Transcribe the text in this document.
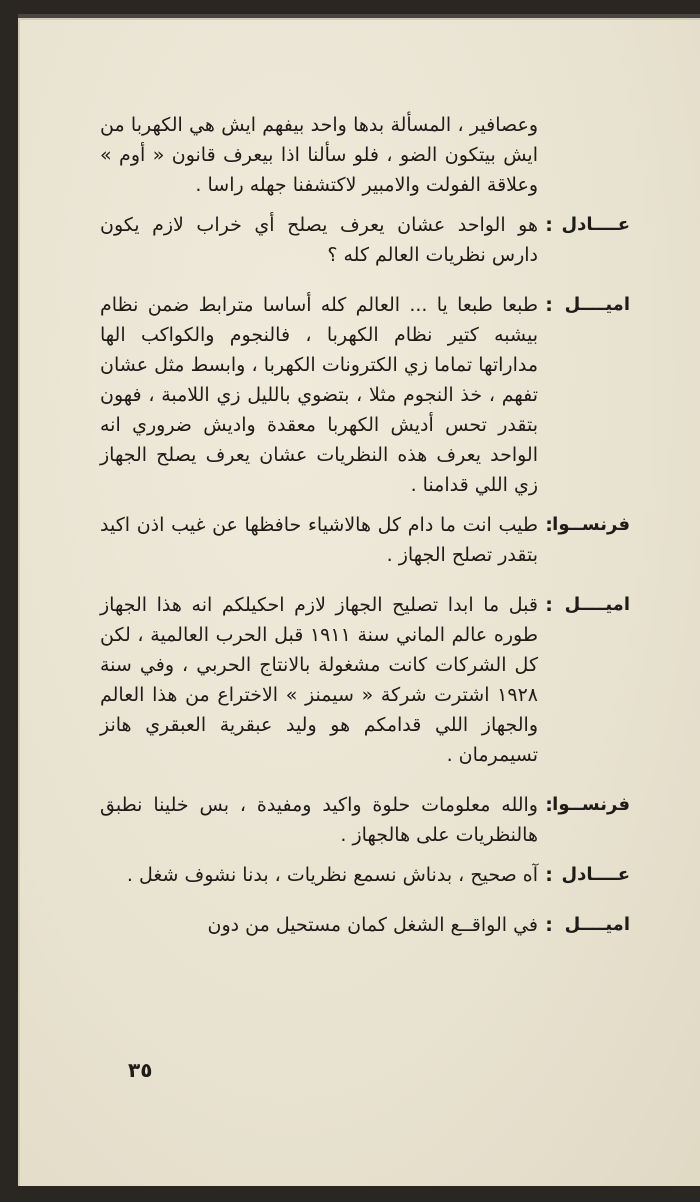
وعصافير ، المسألة بدها واحد بيفهم ايش هي الكهربا من ايش بيتكون الضو ، فلو سألنا اذا بيعرف قانون « أوم » وعلاقة الفولت والامبير لاكتشفنا جهله راسا .
عــــادل
:
هو الواحد عشان يعرف يصلح أي خراب لازم يكون دارس نظريات العالم كله ؟
اميــــل
:
طبعا طبعا يا ... العالم كله أساسا مترابط ضمن نظام بيشبه كتير نظام الكهربا ، فالنجوم والكواكب الها مداراتها تماما زي الكترونات الكهربا ، وابسط مثل عشان تفهم ، خذ النجوم مثلا ، بتضوي بالليل زي اللامبة ، فهون بتقدر تحس أديش الكهربا معقدة واديش ضروري انه الواحد يعرف هذه النظريات عشان يعرف يصلح الجهاز زي اللي قدامنا .
فرنســوا
:
طيب انت ما دام كل هالاشياء حافظها عن غيب اذن اكيد بتقدر تصلح الجهاز .
اميــــل
:
قبل ما ابدا تصليح الجهاز لازم احكيلكم انه هذا الجهاز طوره عالم الماني سنة ١٩١١ قبل الحرب العالمية ، لكن كل الشركات كانت مشغولة بالانتاج الحربي ، وفي سنة ١٩٢٨ اشترت شركة « سيمنز » الاختراع من هذا العالم والجهاز اللي قدامكم هو وليد عبقرية العبقري هانز تسيمرمان .
فرنســوا
:
والله معلومات حلوة واكيد ومفيدة ، بس خلينا نطبق هالنظريات على هالجهاز .
عــــادل
:
آه صحيح ، بدناش نسمع نظريات ، بدنا نشوف شغل .
اميــــل
:
في الواقــع الشغل كمان مستحيل من دون
٣٥
